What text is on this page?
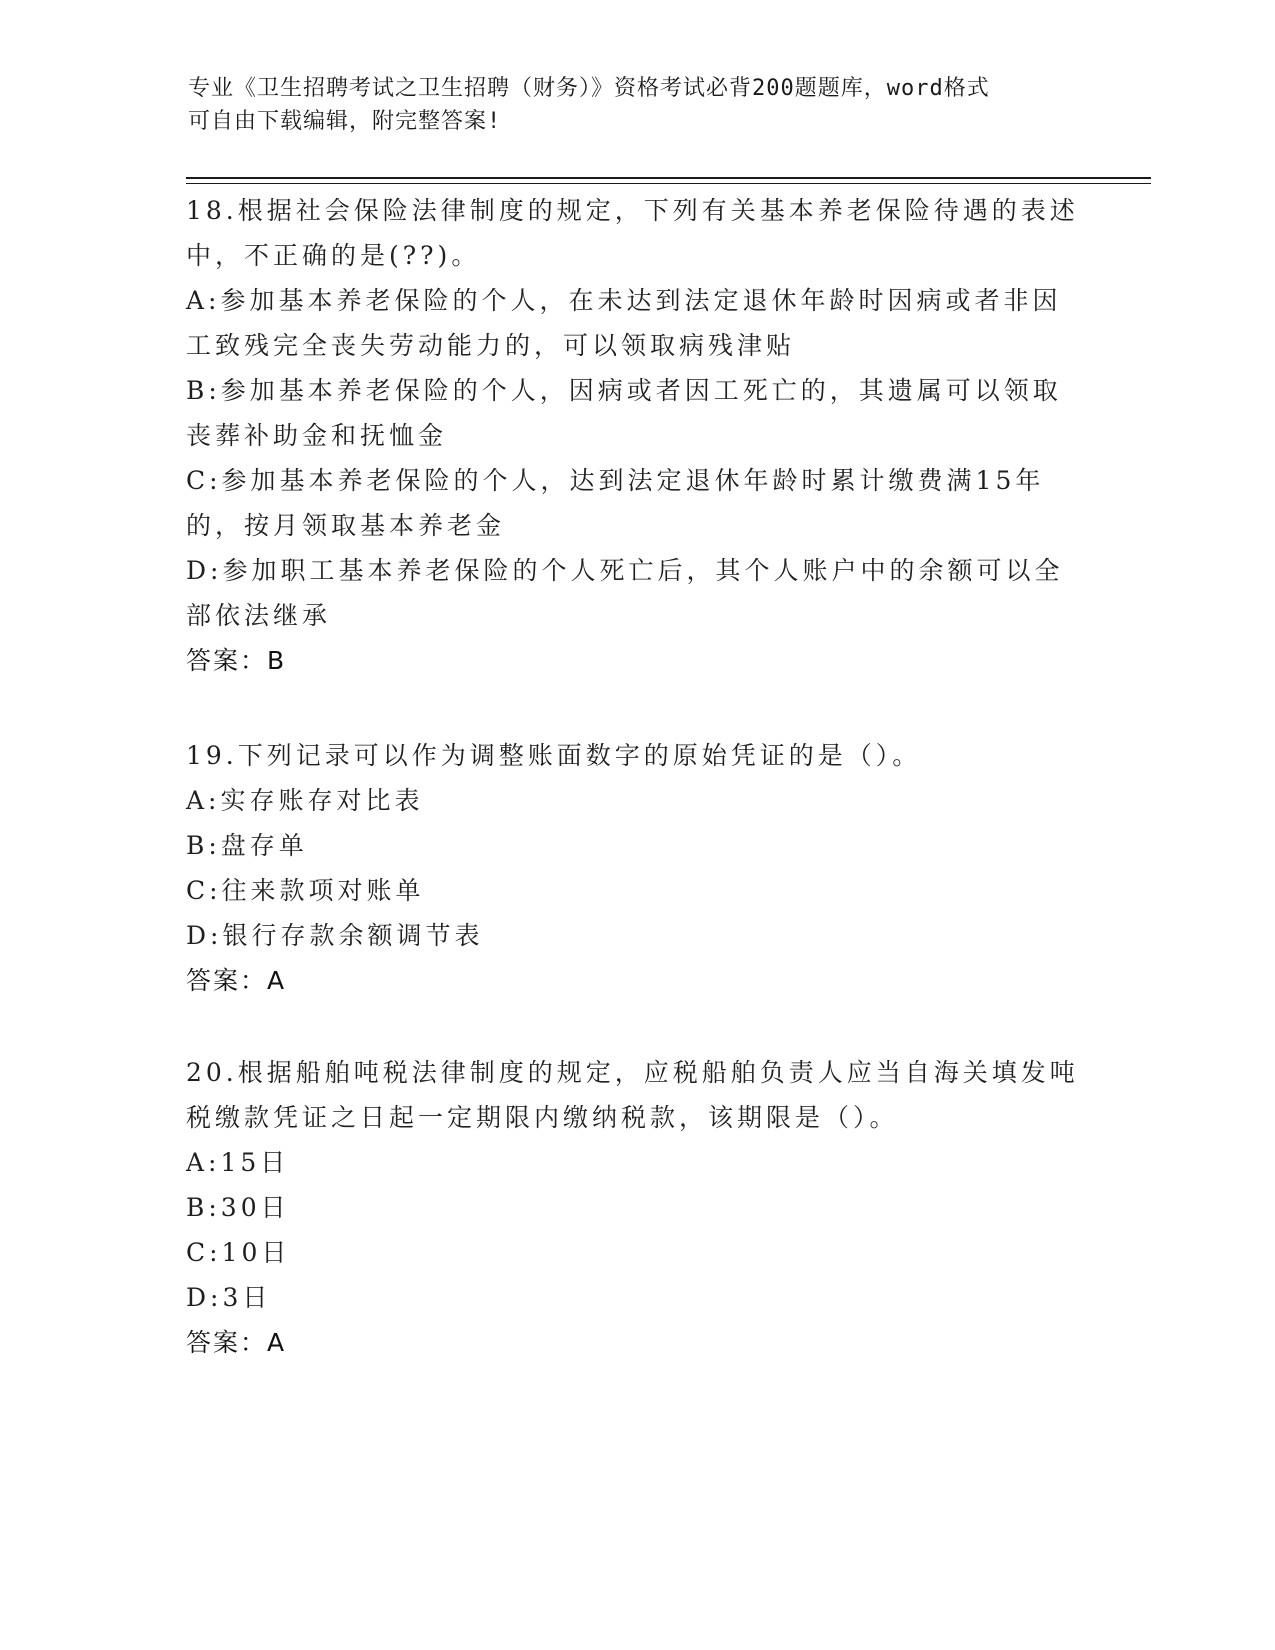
专业《卫生招聘考试之卫生招聘（财务）》资格考试必背200题题库，word格式
可自由下载编辑，附完整答案!
18.根据社会保险法律制度的规定，下列有关基本养老保险待遇的表述
中，不正确的是(??)。
A:参加基本养老保险的个人，在未达到法定退休年龄时因病或者非因
工致残完全丧失劳动能力的，可以领取病残津贴
B:参加基本养老保险的个人，因病或者因工死亡的，其遗属可以领取
丧葬补助金和抚恤金
C:参加基本养老保险的个人，达到法定退休年龄时累计缴费满15年
的，按月领取基本养老金
D:参加职工基本养老保险的个人死亡后，其个人账户中的余额可以全
部依法继承
答案：B
19.下列记录可以作为调整账面数字的原始凭证的是（）。
A:实存账存对比表
B:盘存单
C:往来款项对账单
D:银行存款余额调节表
答案：A
20.根据船舶吨税法律制度的规定，应税船舶负责人应当自海关填发吨
税缴款凭证之日起一定期限内缴纳税款，该期限是（）。
A:15日
B:30日
C:10日
D:3日
答案：A
